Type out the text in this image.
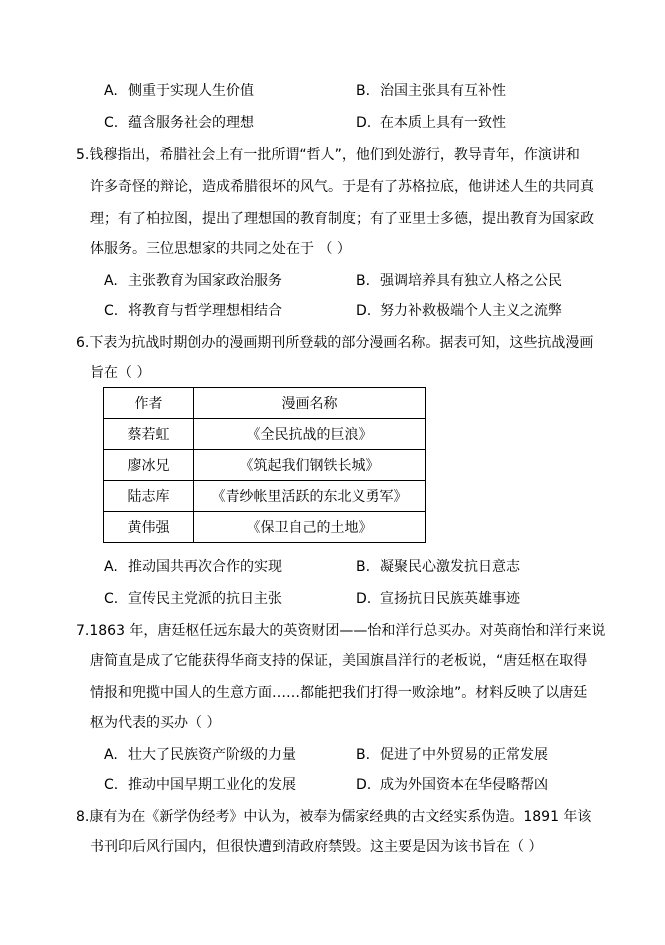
A. 侧重于实现人生价值	B. 治国主张具有互补性
C. 蕴含服务社会的理想	D. 在本质上具有一致性
5.钱穆指出，希腊社会上有一批所谓“哲人”，他们到处游行，教导青年，作演讲和
许多奇怪的辩论，造成希腊很坏的风气。于是有了苏格拉底，他讲述人生的共同真
理；有了柏拉图，提出了理想国的教育制度；有了亚里士多德，提出教育为国家政
体服务。三位思想家的共同之处在于 （ ）
A. 主张教育为国家政治服务	B. 强调培养具有独立人格之公民
C. 将教育与哲学理想相结合	D. 努力补救极端个人主义之流弊
6.下表为抗战时期创办的漫画期刊所登载的部分漫画名称。据表可知，这些抗战漫画
旨在（ ）
作者	漫画名称
蔡若虹	《全民抗战的巨浪》
廖冰兄	《筑起我们钢铁长城》
陆志库	《青纱帐里活跃的东北义勇军》
黄伟强	《保卫自己的土地》
A. 推动国共再次合作的实现	B. 凝聚民心激发抗日意志
C. 宣传民主党派的抗日主张	D. 宣扬抗日民族英雄事迹
7.1863 年，唐廷枢任远东最大的英资财团——怡和洋行总买办。对英商怡和洋行来说
唐简直是成了它能获得华商支持的保证，美国旗昌洋行的老板说，“唐廷枢在取得
情报和兜揽中国人的生意方面……都能把我们打得一败涂地”。材料反映了以唐廷
枢为代表的买办（ ）
A. 壮大了民族资产阶级的力量	B. 促进了中外贸易的正常发展
C. 推动中国早期工业化的发展	D. 成为外国资本在华侵略帮凶
8.康有为在《新学伪经考》中认为，被奉为儒家经典的古文经实系伪造。1891 年该
书刊印后风行国内，但很快遭到清政府禁毁。这主要是因为该书旨在（ ）
